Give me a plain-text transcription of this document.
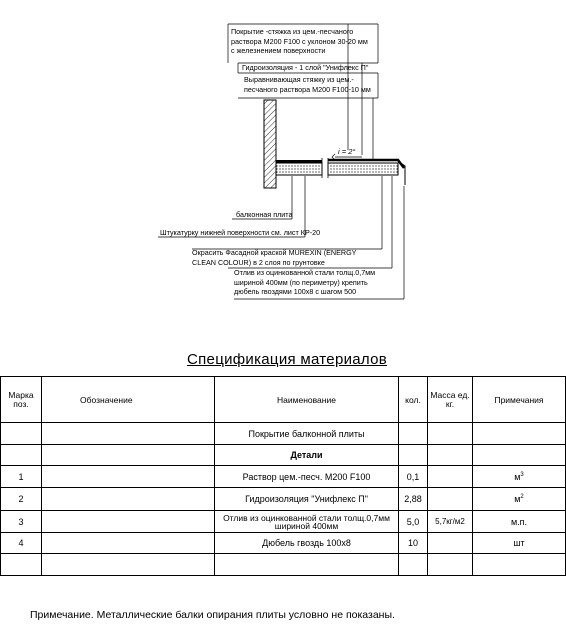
i = 2°
Покрытие -стяжка из цем.-песчаного
раствора М200 F100 с уклоном 30-20 мм
с железнением поверхности
Гидроизоляция - 1 слой "Унифлекс П"
Выравнивающая стяжку из цем.-
песчаного раствора М200 F100-10 мм
балконная плита
Штукатурку нижней поверхности см. лист КР-20
Окрасить Фасадной краской MUREXIN (ENERGY
CLEAN COLOUR) в 2 слоя по грунтовке
Отлив из оцинкованной стали толщ.0,7мм
шириной 400мм (по периметру) крепить
дюбель гвоздями 100х8 с шагом 500
Спецификация материалов
Марка поз.	Обозначение	Наименование	кол.	Масса ед. кг.	Примечания
		Покрытие балконной плиты			
		Детали			
1		Раствор цем.-песч. М200 F100	0,1		$м^3$
2		Гидроизоляция "Унифлекс П"	2,88		$м^2$
3		Отлив из оцинкованной стали толщ.0,7мм шириной 400мм	5,0	5,7кг/м2	м.п.
4		Дюбель гвоздь 100х8	10		шт

Примечание. Металлические балки опирания плиты условно не показаны.
